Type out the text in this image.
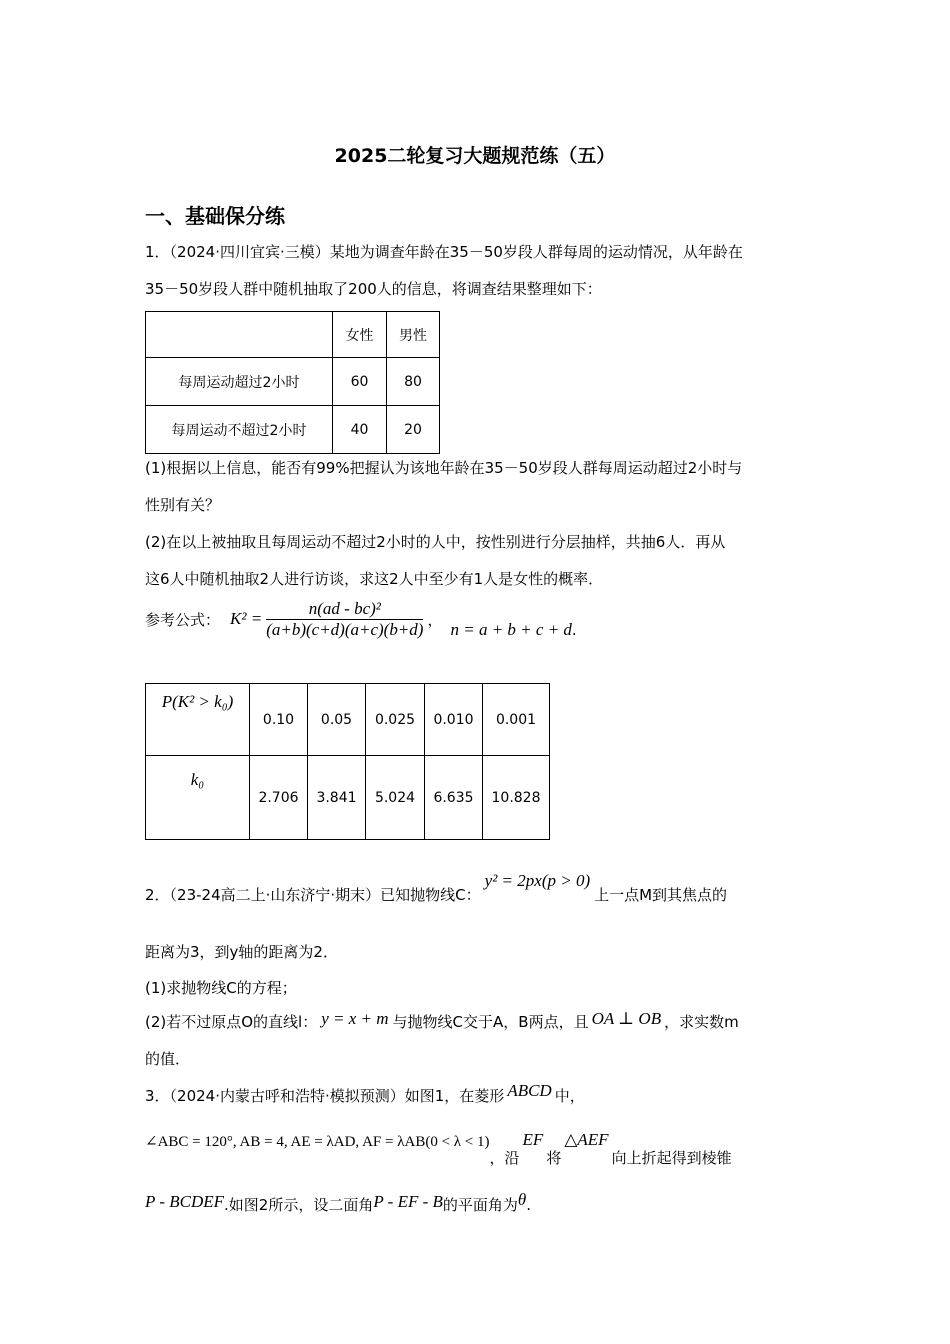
2025二轮复习大题规范练（五）
一、基础保分练
1．（2024·四川宜宾·三模）某地为调查年龄在35－50岁段人群每周的运动情况，从年龄在
35－50岁段人群中随机抽取了200人的信息，将调查结果整理如下：
	女性	男性
每周运动超过2小时	60	80
每周运动不超过2小时	40	20
(1)根据以上信息，能否有99%把握认为该地年龄在35－50岁段人群每周运动超过2小时与
性别有关？
(2)在以上被抽取且每周运动不超过2小时的人中，按性别进行分层抽样，共抽6人．再从
这6人中随机抽取2人进行访谈，求这2人中至少有1人是女性的概率．
参考公式： $K^2 = \frac{\text{n(ad - bc)²}}{(a+b)(c+d)(a+c)(b+d)}$ ，
n = a + b + c + d .
P(K² > k₀)	0.10	0.05	0.025	0.010	0.001
k₀	2.706	3.841	5.024	6.635	10.828
2．（23-24高二上·山东济宁·期末）已知抛物线C：y² = 2px(p > 0)上一点M到其焦点的
距离为3，到y轴的距离为2．
(1)求抛物线C的方程；
(2)若不过原点O的直线l： y = x + m 与抛物线C交于A，B两点，且 OA ⊥ OB ，求实数m
的值．
3．（2024·内蒙古呼和浩特·模拟预测）如图1，在菱形 ABCD 中，
∠ABC = 120°, AB = 4, AE = λAD, AF = λAB(0 < λ < 1)，沿EF将△AEF向上折起得到棱锥
P - BCDEF.如图2所示，设二面角P - EF - B的平面角为θ.
